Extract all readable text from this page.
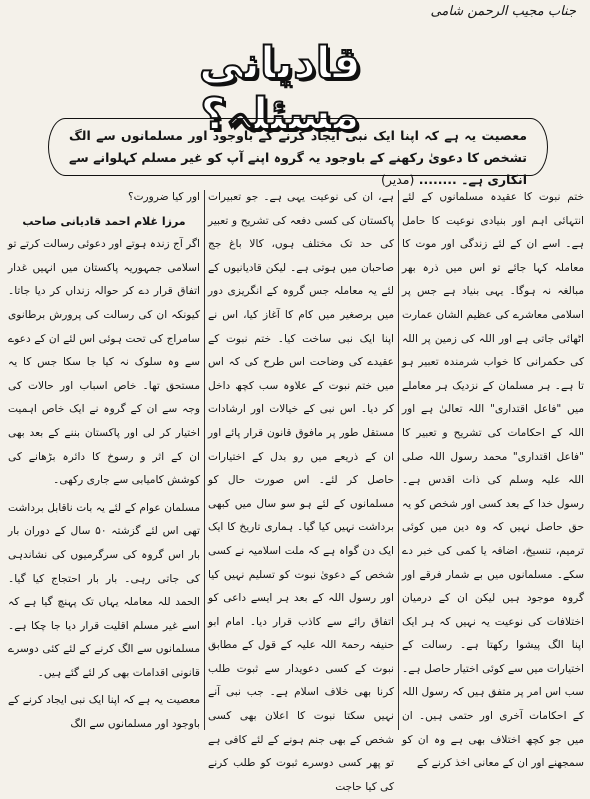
جناب مجیب الرحمن شامی
قادیانی مسئلہ؟
معصیت یہ ہے کہ اپنا ایک نبی ایجاد کرنے کے باوجود اور مسلمانوں سے الگ تشخص کا دعویٰ رکھنے کے باوجود یہ گروہ اپنے آپ کو غیر مسلم کہلوانے سے انکاری ہے۔ ........ (مدیر)

ختم نبوت کا عقیدہ مسلمانوں کے لئے انتہائی اہم اور بنیادی نوعیت کا حامل ہے۔ اسے ان کے لئے زندگی اور موت کا معاملہ کہا جائے تو اس میں ذرہ بھر مبالغہ نہ ہوگا۔ یہی بنیاد ہے جس پر اسلامی معاشرے کی عظیم الشان عمارت اٹھائی جاتی ہے اور اللہ کی زمین پر اللہ کی حکمرانی کا خواب شرمندہ تعبیر ہو تا ہے۔ ہر مسلمان کے نزدیک ہر معاملے میں "فاعل اقتداری" اللہ تعالیٰ ہے اور اللہ کے احکامات کی تشریح و تعبیر کا "فاعل اقتداری" محمد رسول اللہ صلی اللہ علیہ وسلم کی ذات اقدس ہے۔ رسول خدا کے بعد کسی اور شخص کو یہ حق حاصل نہیں کہ وہ دین میں کوئی ترمیم، تنسیخ، اضافہ یا کمی کی خبر دے سکے۔ مسلمانوں میں بے شمار فرقے اور گروہ موجود ہیں لیکن ان کے درمیان اختلافات کی نوعیت یہ نہیں کہ ہر ایک اپنا الگ پیشوا رکھتا ہے۔ رسالت کے اختیارات میں سے کوئی اختیار حاصل ہے۔ سب اس امر پر متفق ہیں کہ رسول اللہ کے احکامات آخری اور حتمی ہیں۔ ان میں جو کچھ اختلاف بھی ہے وہ ان کو سمجھنے اور ان کے معانی اخذ کرنے کے

ہے، ان کی نوعیت یہی ہے۔ جو تعبیرات پاکستان کی کسی دفعہ کی تشریح و تعبیر کی حد تک مختلف ہوں، کالا باغ جج صاحبان میں ہوتی ہے۔ لیکن قادیانیوں کے لئے یہ معاملہ جس گروہ کے انگریزی دور میں برصغیر میں کام کا آغاز کیا، اس نے اپنا ایک نبی ساخت کیا۔ ختم نبوت کے عقیدے کی وضاحت اس طرح کی کہ اس میں ختم نبوت کے علاوہ سب کچھ داخل کر دیا۔ اس نبی کے خیالات اور ارشادات مستقل طور پر مافوق قانون قرار پائے اور ان کے ذریعے میں رو بدل کے اختیارات حاصل کر لئے۔ اس صورت حال کو مسلمانوں کے لئے ہو سو سال میں کبھی برداشت نہیں کیا گیا۔ ہماری تاریخ کا ایک ایک دن گواہ ہے کہ ملت اسلامیہ نے کسی شخص کے دعویٰ نبوت کو تسلیم نہیں کیا اور رسول اللہ کے بعد ہر ایسے داعی کو اتفاق رائے سے کاذب قرار دیا۔ امام ابو حنیفہ رحمۃ اللہ علیہ کے قول کے مطابق نبوت کے کسی دعویدار سے ثبوت طلب کرنا بھی خلاف اسلام ہے۔ جب نبی آنے نہیں سکتا نبوت کا اعلان بھی کسی شخص کے بھی جنم ہونے کے لئے کافی ہے تو پھر کسی دوسرے ثبوت کو طلب کرنے کی کیا حاجت

اور کیا ضرورت؟

مرزا غلام احمد قادیانی صاحب

اگر آج زندہ ہوتے اور دعوئی رسالت کرتے تو اسلامی جمہوریہ پاکستان میں انہیں غدار اتفاق قرار دے کر حوالہ زنداں کر دیا جاتا۔ کیونکہ ان کی رسالت کی پرورش برطانوی سامراج کی تحت ہوئی اس لئے ان کے دعوے سے وہ سلوک نہ کیا جا سکا جس کا یہ مستحق تھا۔ خاص اسباب اور حالات کی وجہ سے ان کے گروہ نے ایک خاص اہمیت اختیار کر لی اور پاکستان بننے کے بعد بھی ان کے اثر و رسوخ کا دائرہ بڑھانے کی کوشش کامیابی سے جاری رکھی۔

مسلمان عوام کے لئے یہ بات ناقابل برداشت تھی اس لئے گزشتہ ۵۰ سال کے دوران بار بار اس گروہ کی سرگرمیوں کی نشاندہی کی جاتی رہی۔ بار بار احتجاج کیا گیا۔ الحمد للہ معاملہ یہاں تک پہنچ گیا ہے کہ اسے غیر مسلم اقلیت قرار دیا جا چکا ہے۔ مسلمانوں سے الگ کرنے کے لئے کئی دوسرے قانونی اقدامات بھی کر لئے گئے ہیں۔

معصیت یہ ہے کہ اپنا ایک نبی ایجاد کرنے کے باوجود اور مسلمانوں سے الگ
